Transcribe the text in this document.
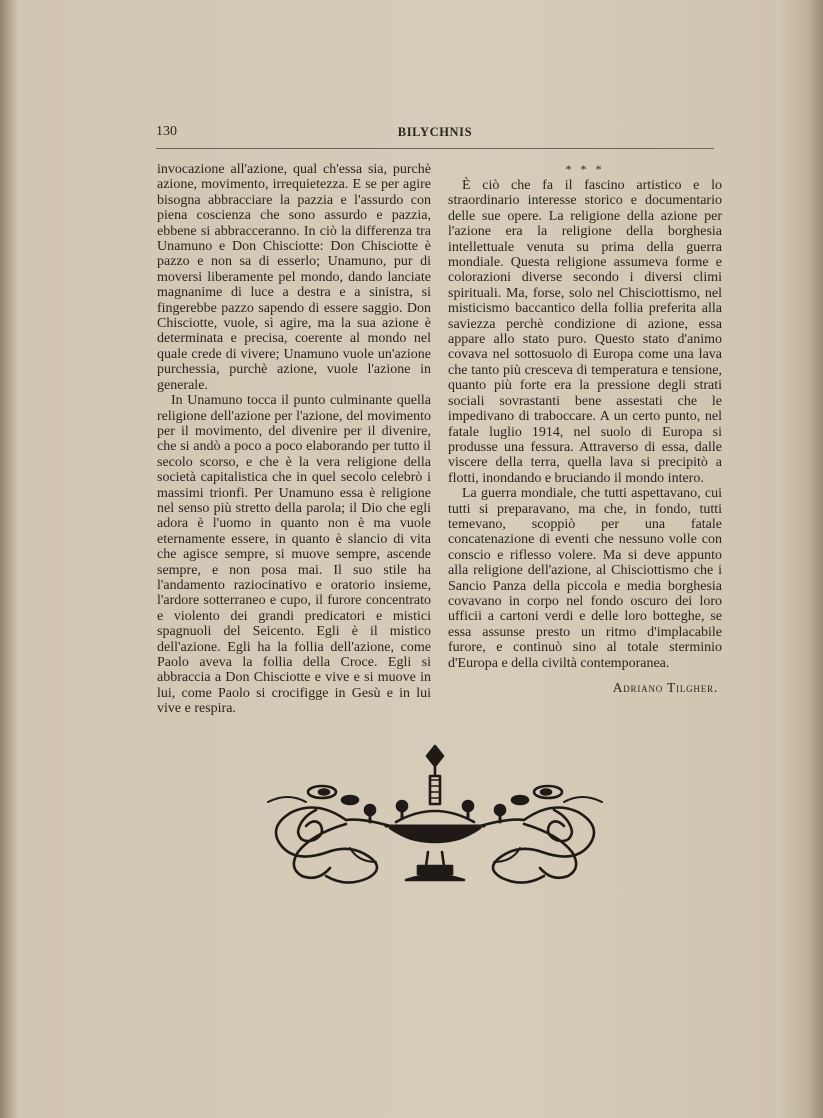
130	BILYCHNIS

invocazione all'azione, qual ch'essa sia, purchè azione, movimento, irrequietezza. E se per agire bisogna abbracciare la pazzia e l'assurdo con piena coscienza che sono assurdo e pazzia, ebbene si abbracceranno. In ciò la differenza tra Unamuno e Don Chisciotte: Don Chisciotte è pazzo e non sa di esserlo; Unamuno, pur di moversi liberamente pel mondo, dando lanciate magnanime di luce a destra e a sinistra, si fingerebbe pazzo sapendo di essere saggio. Don Chisciotte, vuole, sì agire, ma la sua azione è determinata e precisa, coerente al mondo nel quale crede di vivere; Unamuno vuole un'azione purchessia, purchè azione, vuole l'azione in generale.

In Unamuno tocca il punto culminante quella religione dell'azione per l'azione, del movimento per il movimento, del divenire per il divenire, che si andò a poco a poco elaborando per tutto il secolo scorso, e che è la vera religione della società capitalistica che in quel secolo celebrò i massimi trionfi. Per Unamuno essa è religione nel senso più stretto della parola; il Dio che egli adora è l'uomo in quanto non è ma vuole eternamente essere, in quanto è slancio di vita che agisce sempre, si muove sempre, ascende sempre, e non posa mai. Il suo stile ha l'andamento raziocinativo e oratorio insieme, l'ardore sotterraneo e cupo, il furore concentrato e violento dei grandi predicatori e mistici spagnuoli del Seicento. Egli è il mistico dell'azione. Egli ha la follia dell'azione, come Paolo aveva la follia della Croce. Egli si abbraccia a Don Chisciotte e vive e si muove in lui, come Paolo si crocifigge in Gesù e in lui vive e respira.

* * *

È ciò che fa il fascino artistico e lo straordinario interesse storico e documentario delle sue opere. La religione della azione per l'azione era la religione della borghesia intellettuale venuta su prima della guerra mondiale. Questa religione assumeva forme e colorazioni diverse secondo i diversi climi spirituali. Ma, forse, solo nel Chisciottismo, nel misticismo baccantico della follia preferita alla saviezza perchè condizione di azione, essa appare allo stato puro. Questo stato d'animo covava nel sottosuolo di Europa come una lava che tanto più cresceva di temperatura e tensione, quanto più forte era la pressione degli strati sociali sovrastanti bene assestati che le impedivano di traboccare. A un certo punto, nel fatale luglio 1914, nel suolo di Europa si produsse una fessura. Attraverso di essa, dalle viscere della terra, quella lava si precipitò a flotti, inondando e bruciando il mondo intero.

La guerra mondiale, che tutti aspettavano, cui tutti si preparavano, ma che, in fondo, tutti temevano, scoppiò per una fatale concatenazione di eventi che nessuno volle con conscio e riflesso volere. Ma si deve appunto alla religione dell'azione, al Chisciottismo che i Sancio Panza della piccola e media borghesia covavano in corpo nel fondo oscuro dei loro ufficii a cartoni verdi e delle loro botteghe, se essa assunse presto un ritmo d'implacabile furore, e continuò sino al totale sterminio d'Europa e della civiltà contemporanea.

Adriano Tilgher.
